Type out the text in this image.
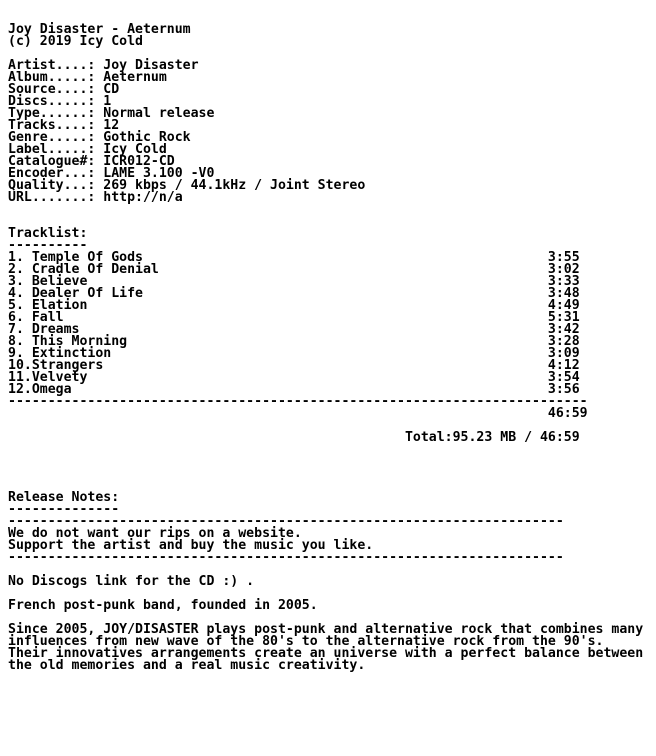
Joy Disaster - Aeternum
(c) 2019 Icy Cold
Artist....: Joy Disaster
Album.....: Aeternum
Source....: CD
Discs.....: 1
Type......: Normal release
Tracks....: 12
Genre.....: Gothic Rock
Label.....: Icy Cold
Catalogue#: ICR012-CD
Encoder...: LAME 3.100 -V0
Quality...: 269 kbps / 44.1kHz / Joint Stereo
URL.......: http://n/a
Tracklist:
----------
1. Temple Of Gods                                                   3:55
2. Cradle Of Denial                                                 3:02
3. Believe                                                          3:33
4. Dealer Of Life                                                   3:48
5. Elation                                                          4:49
6. Fall                                                             5:31
7. Dreams                                                           3:42
8. This Morning                                                     3:28
9. Extinction                                                       3:09
10.Strangers                                                        4:12
11.Velvety                                                          3:54
12.Omega                                                            3:56
-------------------------------------------------------------------------
46:59
Total:95.23 MB / 46:59
Release Notes:
--------------
----------------------------------------------------------------------
We do not want our rips on a website.
Support the artist and buy the music you like.
----------------------------------------------------------------------
No Discogs link for the CD :) .
French post-punk band, founded in 2005.
Since 2005, JOY/DISASTER plays post-punk and alternative rock that combines many
influences from new wave of the 80's to the alternative rock from the 90's.
Their innovatives arrangements create an universe with a perfect balance between
the old memories and a real music creativity.
